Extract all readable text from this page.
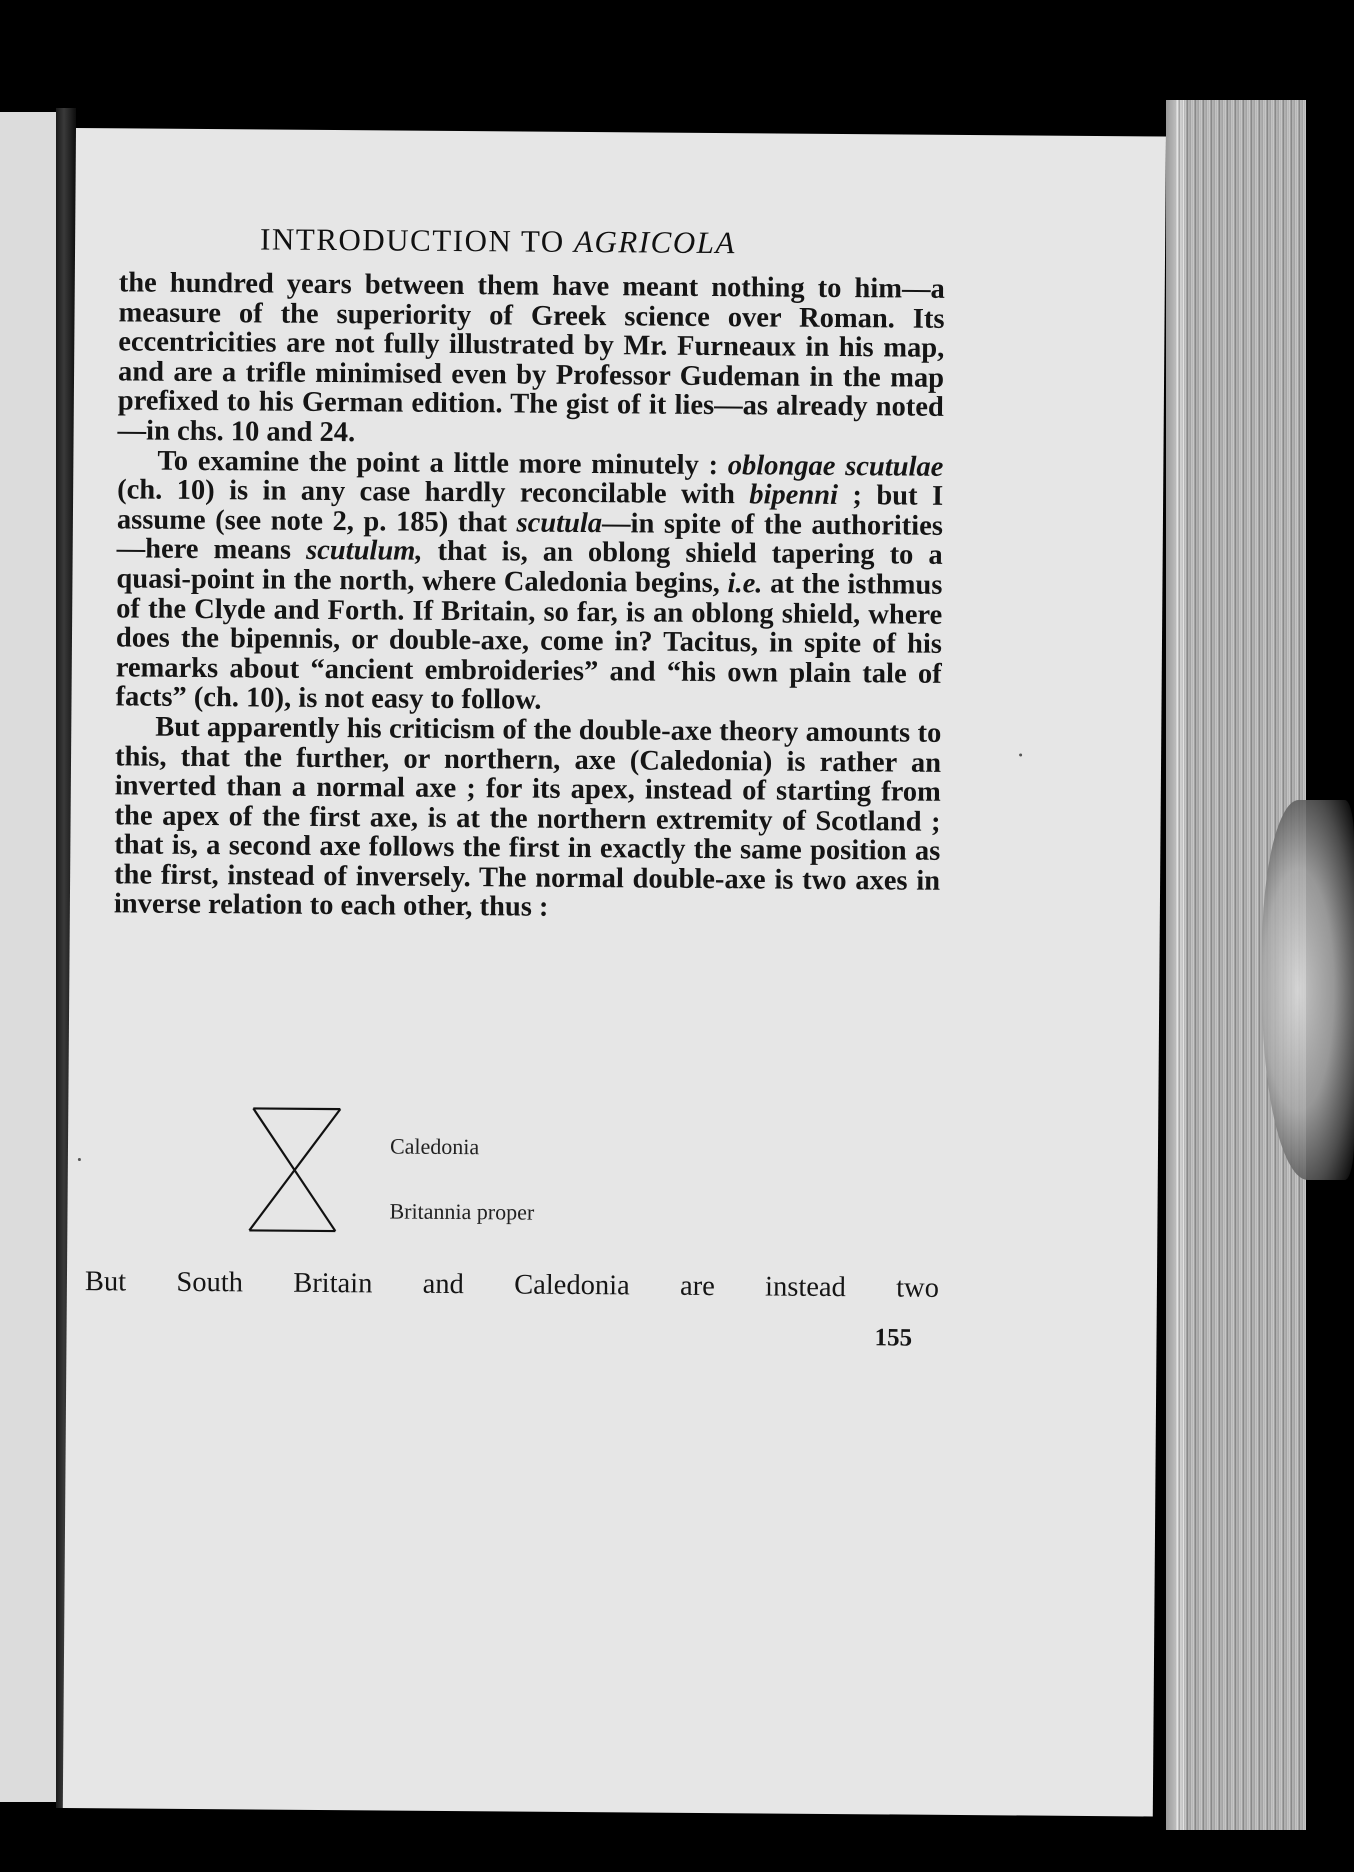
INTRODUCTION TO AGRICOLA

the hundred years between them have meant nothing to him—a measure of the superiority of Greek science over Roman. Its eccentricities are not fully illustrated by Mr. Furneaux in his map, and are a trifle minimised even by Professor Gudeman in the map prefixed to his German edition. The gist of it lies—as already noted—in chs. 10 and 24.

To examine the point a little more minutely : oblongae scutulae (ch. 10) is in any case hardly reconcilable with bipenni ; but I assume (see note 2, p. 185) that scutula—in spite of the authorities—here means scutulum, that is, an oblong shield tapering to a quasi-point in the north, where Caledonia begins, i.e. at the isthmus of the Clyde and Forth. If Britain, so far, is an oblong shield, where does the bipennis, or double-axe, come in? Tacitus, in spite of his remarks about “ancient embroideries” and “his own plain tale of facts” (ch. 10), is not easy to follow.

But apparently his criticism of the double-axe theory amounts to this, that the further, or northern, axe (Caledonia) is rather an inverted than a normal axe ; for its apex, instead of starting from the apex of the first axe, is at the northern extremity of Scotland ; that is, a second axe follows the first in exactly the same position as the first, instead of inversely. The normal double-axe is two axes in inverse relation to each other, thus :

Caledonia
Britannia proper
But South Britain and Caledonia are instead two
155
